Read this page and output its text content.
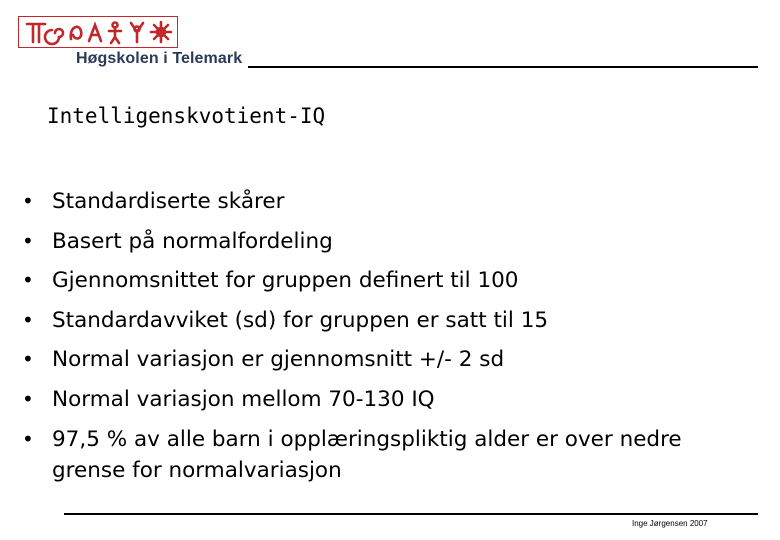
Høgskolen i Telemark
Intelligenskvotient-IQ
• Standardiserte skårer
• Basert på normalfordeling
• Gjennomsnittet for gruppen definert til 100
• Standardavviket (sd) for gruppen er satt til 15
• Normal variasjon er gjennomsnitt +/- 2 sd
• Normal variasjon mellom 70-130 IQ
• 97,5 % av alle barn i opplæringspliktig alder er over nedre grense for normalvariasjon
Inge Jørgensen 2007
